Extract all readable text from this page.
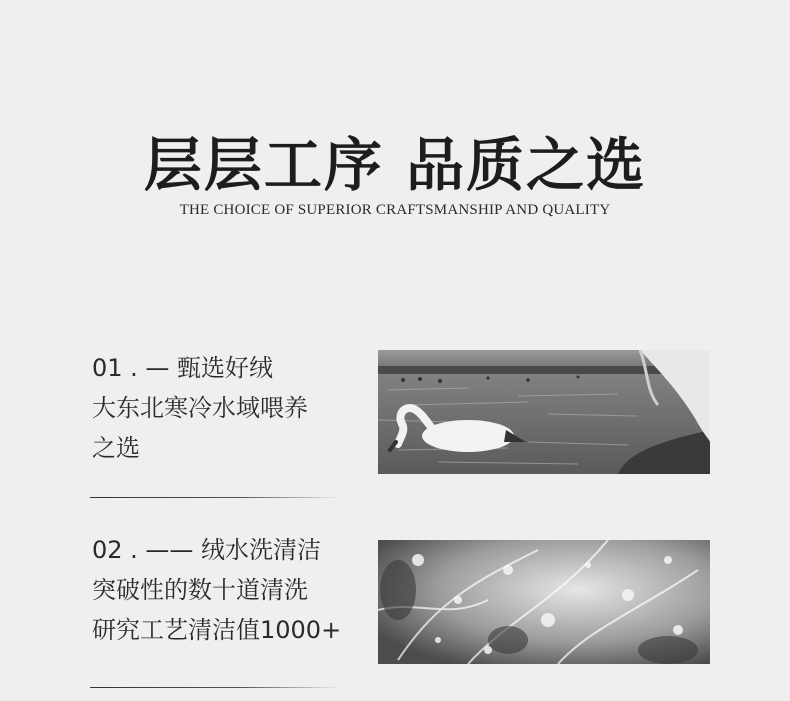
层层工序 品质之选
THE CHOICE OF SUPERIOR CRAFTSMANSHIP AND QUALITY
01 . — 甄选好绒
大东北寒冷水域喂养
之选
02 . —— 绒水洗清洁
突破性的数十道清洗
研究工艺清洁值1000+
